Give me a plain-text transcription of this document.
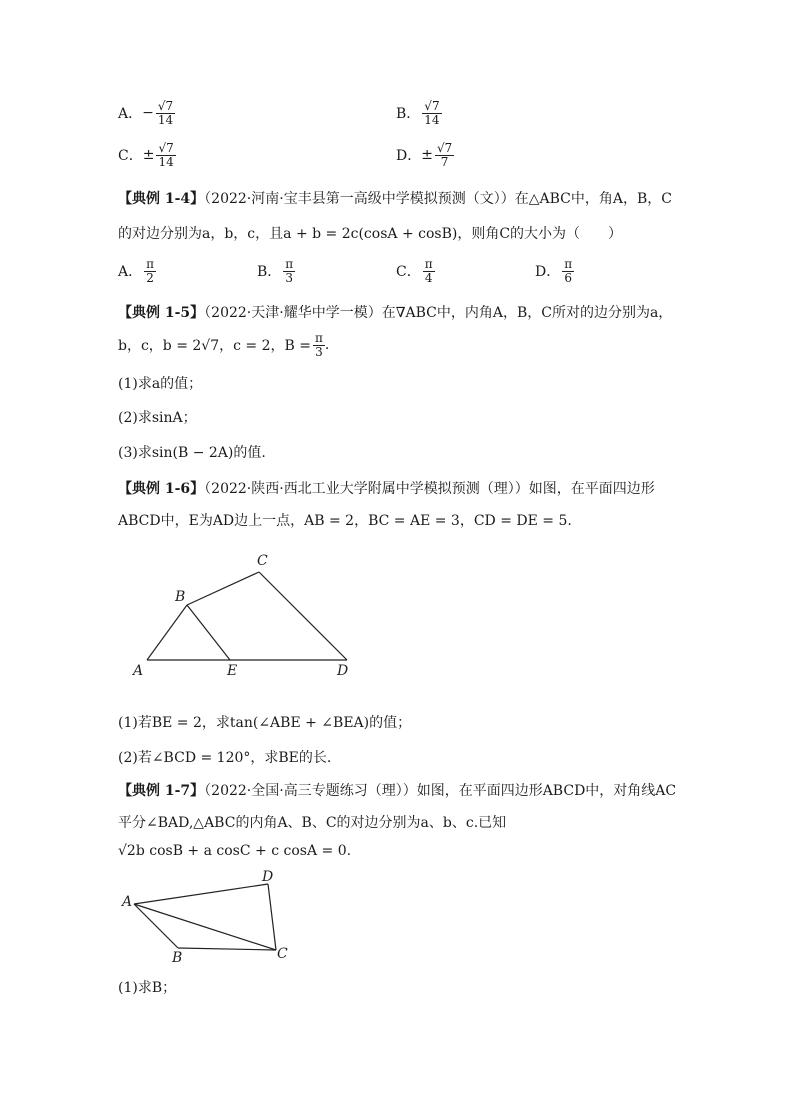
A． − $\frac{√7}{14}$	B． $\frac{√7}{14}$
C． ± $\frac{√7}{14}$	D． ± $\frac{√7}{7}$
【典例 1-4】（2022·河南·宝丰县第一高级中学模拟预测（文））在△ABC中，角A，B，C
的对边分别为a，b，c，且a + b = 2c(cosA + cosB)，则角C的大小为（　　）
A． $\frac{\pi}{2}$	B． $\frac{\pi}{3}$	C． $\frac{\pi}{4}$	D． $\frac{\pi}{6}$
【典例 1-5】（2022·天津·耀华中学一模）在∇ABC中，内角A，B，C所对的边分别为a，
b，c，b = 2√7，c = 2，$B = \frac{\pi}{3}$ .
(1)求a的值；
(2)求sinA；
(3)求sin(B − 2A)的值.
【典例 1-6】（2022·陕西·西北工业大学附属中学模拟预测（理））如图，在平面四边形
ABCD中，E为AD边上一点，AB = 2，BC = AE = 3，CD = DE = 5.
A
B
C
D
E
(1)若BE = 2，求tan(∠ABE + ∠BEA)的值；
(2)若∠BCD = 120°，求BE的长.
【典例 1-7】（2022·全国·高三专题练习（理））如图，在平面四边形ABCD中，对角线AC
平分∠BAD,△ABC的内角A、B、C的对边分别为a、b、c.已知
√2b cosB + a cosC + c cosA = 0.
A
B	C
D
(1)求B；
